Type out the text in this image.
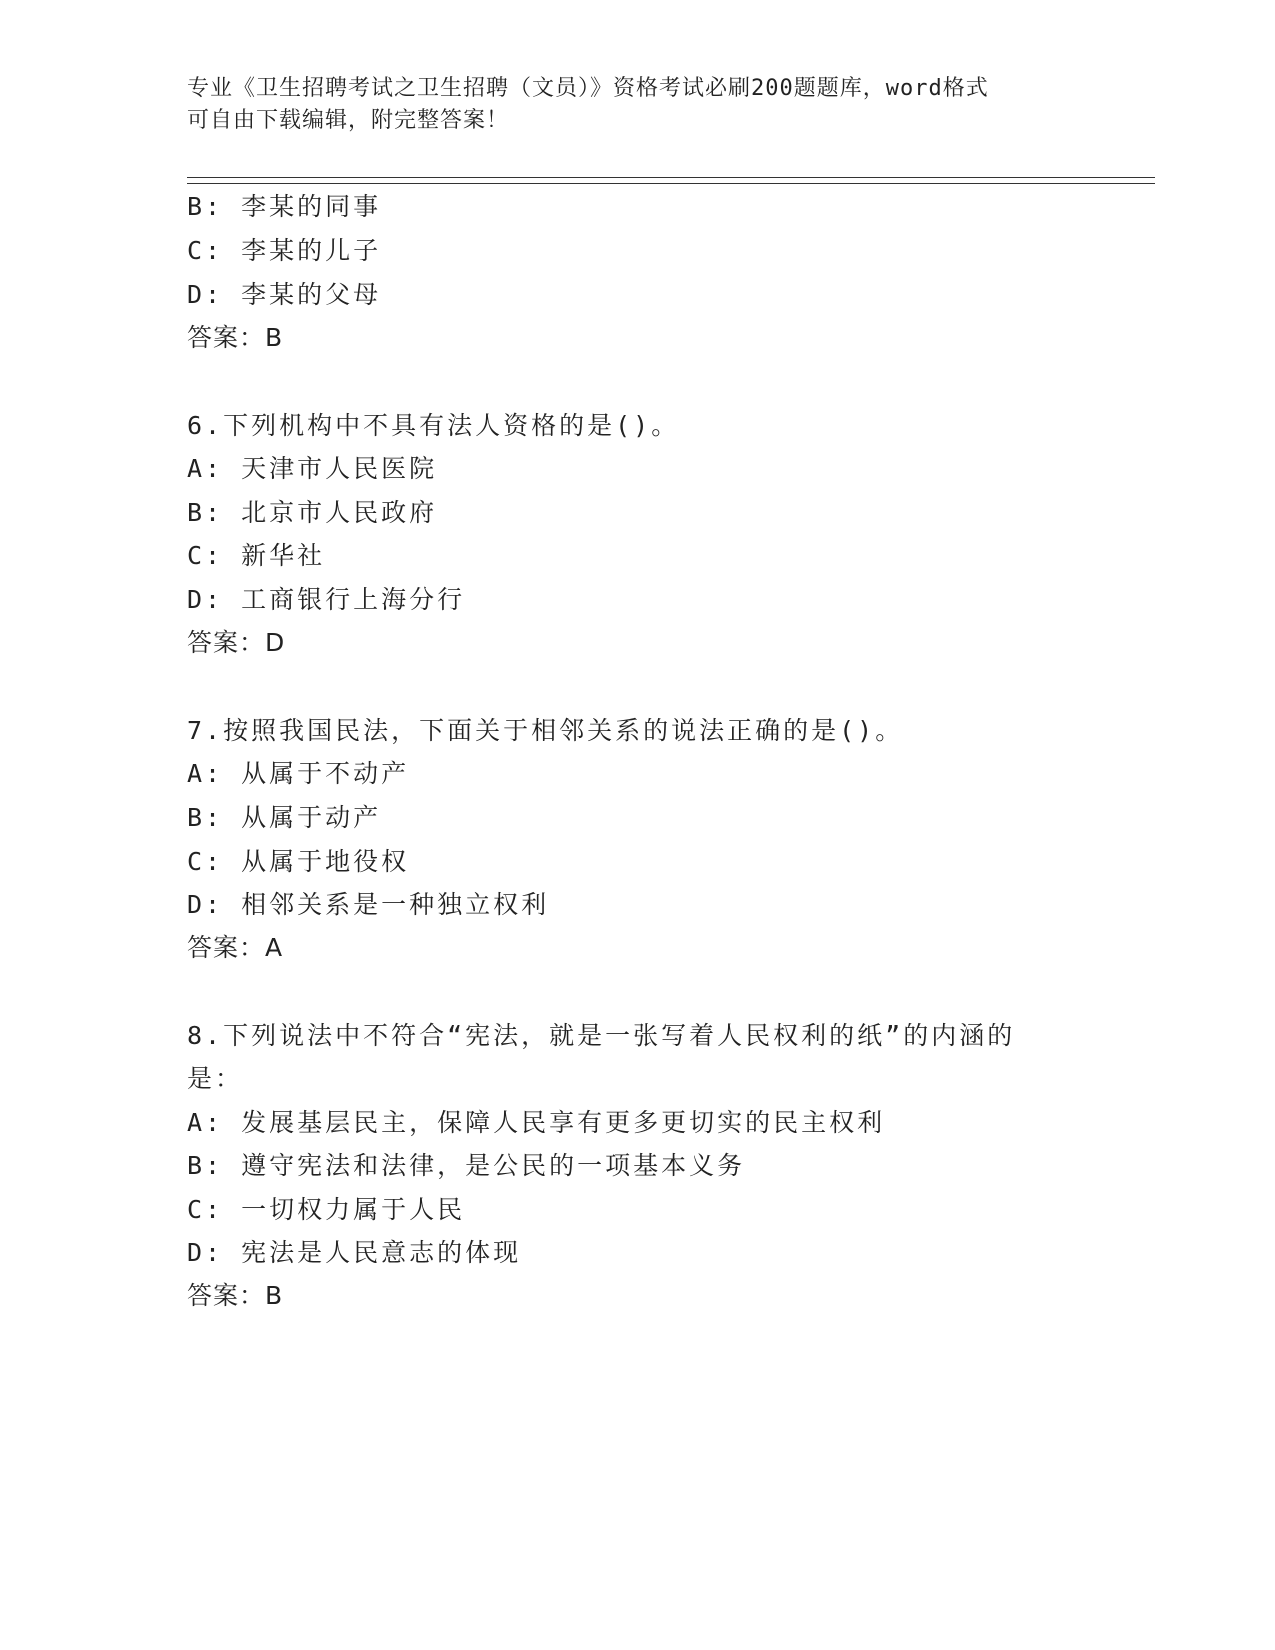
专业《卫生招聘考试之卫生招聘（文员）》资格考试必刷200题题库，word格式
可自由下载编辑，附完整答案！
B: 李某的同事
C: 李某的儿子
D: 李某的父母
答案：B
6.下列机构中不具有法人资格的是()。
A: 天津市人民医院
B: 北京市人民政府
C: 新华社
D: 工商银行上海分行
答案：D
7.按照我国民法，下面关于相邻关系的说法正确的是()。
A: 从属于不动产
B: 从属于动产
C: 从属于地役权
D: 相邻关系是一种独立权利
答案：A
8.下列说法中不符合“宪法，就是一张写着人民权利的纸”的内涵的
是：
A: 发展基层民主，保障人民享有更多更切实的民主权利
B: 遵守宪法和法律，是公民的一项基本义务
C: 一切权力属于人民
D: 宪法是人民意志的体现
答案：B
